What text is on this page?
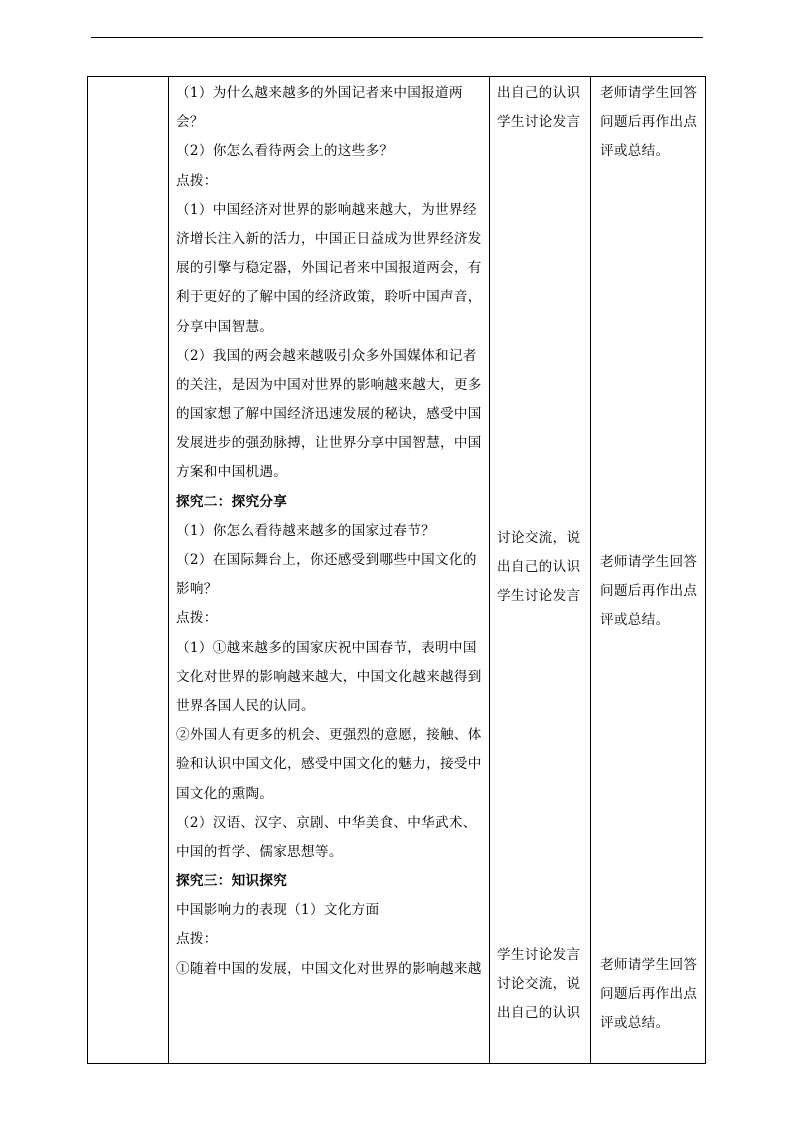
（1）为什么越来越多的外国记者来中国报道两
会？
（2）你怎么看待两会上的这些多？
点拨：
（1）中国经济对世界的影响越来越大，为世界经
济增长注入新的活力，中国正日益成为世界经济发
展的引擎与稳定器，外国记者来中国报道两会，有
利于更好的了解中国的经济政策，聆听中国声音，
分享中国智慧。
（2）我国的两会越来越吸引众多外国媒体和记者
的关注，是因为中国对世界的影响越来越大，更多
的国家想了解中国经济迅速发展的秘诀，感受中国
发展进步的强劲脉搏，让世界分享中国智慧，中国
方案和中国机遇。
探究二：探究分享
（1）你怎么看待越来越多的国家过春节？
（2）在国际舞台上，你还感受到哪些中国文化的
影响？
点拨：
（1）①越来越多的国家庆祝中国春节，表明中国
文化对世界的影响越来越大，中国文化越来越得到
世界各国人民的认同。
②外国人有更多的机会、更强烈的意愿，接触、体
验和认识中国文化，感受中国文化的魅力，接受中
国文化的熏陶。
（2）汉语、汉字、京剧、中华美食、中华武术、
中国的哲学、儒家思想等。
探究三：知识探究
中国影响力的表现（1）文化方面
点拨：
①随着中国的发展，中国文化对世界的影响越来越
出自己的认识
学生讨论发言
讨论交流，说
出自己的认识
学生讨论发言
学生讨论发言
讨论交流，说
出自己的认识
老师请学生回答
问题后再作出点
评或总结。
老师请学生回答
问题后再作出点
评或总结。
老师请学生回答
问题后再作出点
评或总结。
